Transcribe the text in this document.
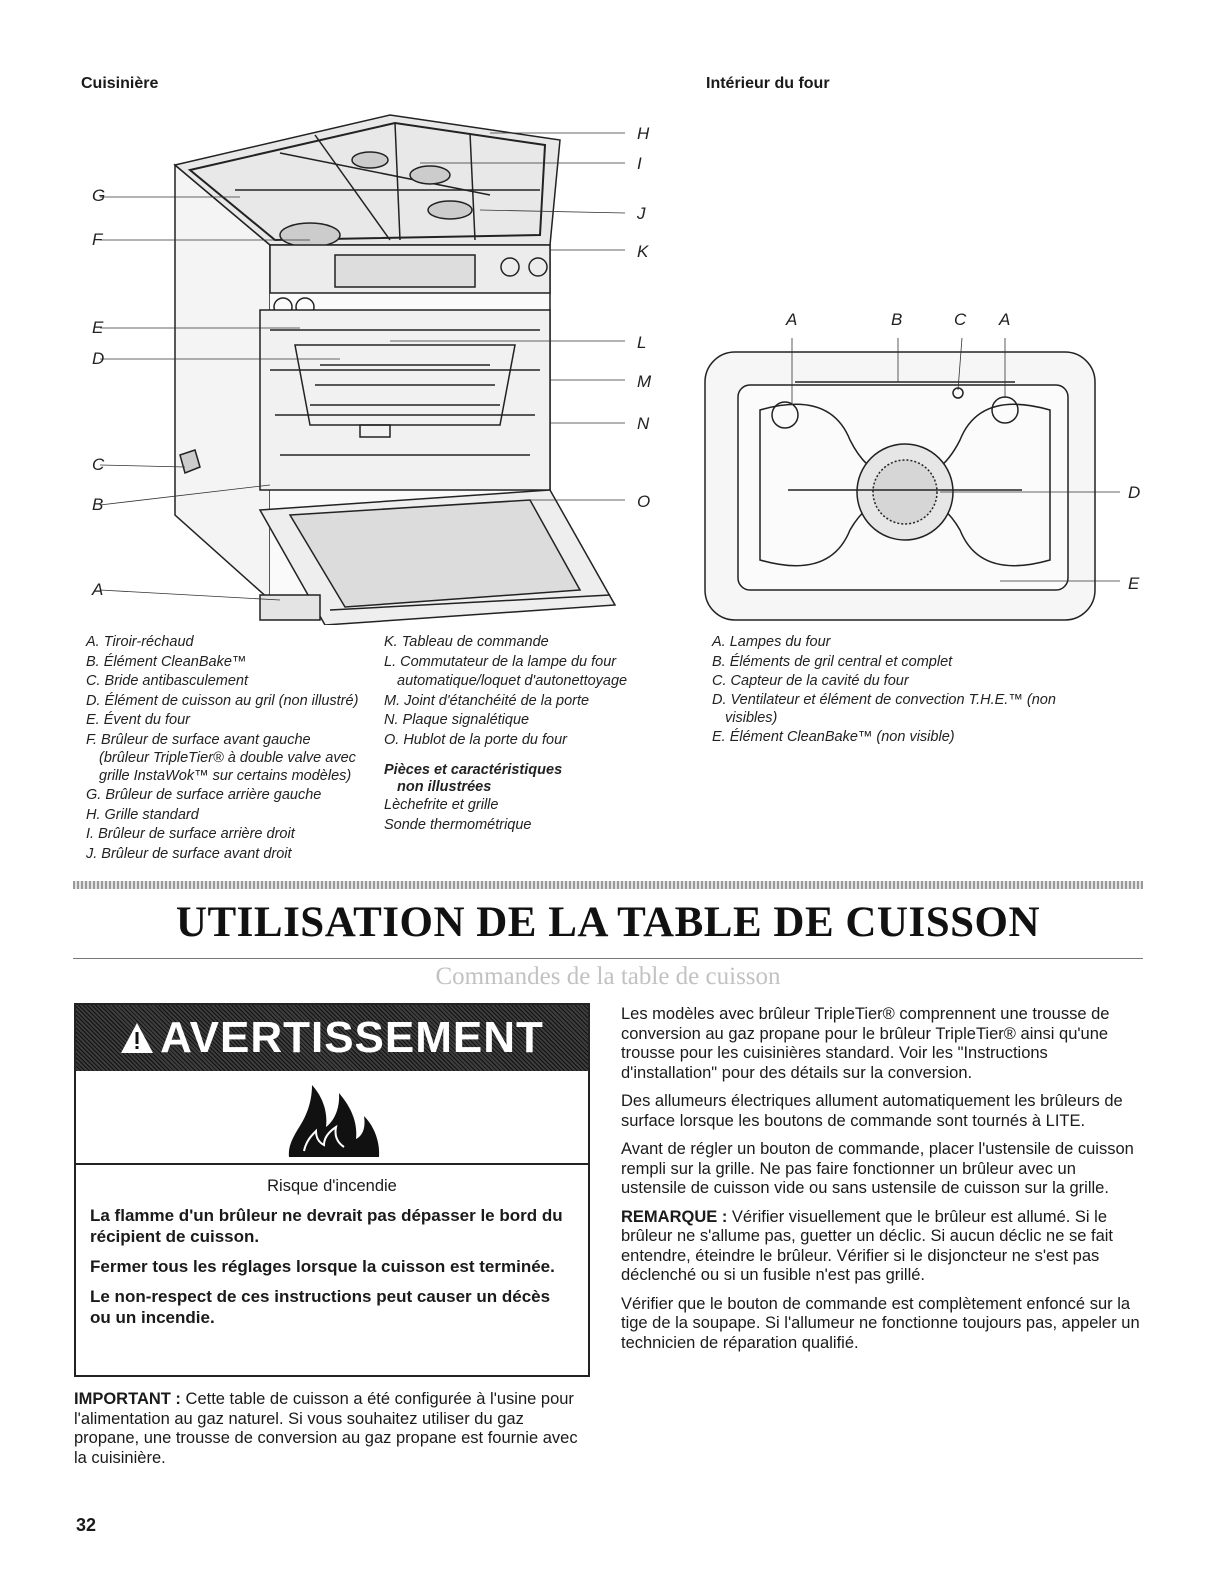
Cuisinière	Intérieur du four
G
F
E
D
C
B
A
H
I
J
K
L
M
N
O
A	B	C A
D
E
A. Tiroir-réchaud
B. Élément CleanBake™
C. Bride antibasculement
D. Élément de cuisson au gril (non illustré)
E. Évent du four
F. Brûleur de surface avant gauche
(brûleur TripleTier® à double valve avec
grille InstaWok™ sur certains modèles)
G. Brûleur de surface arrière gauche
H. Grille standard
I. Brûleur de surface arrière droit
J. Brûleur de surface avant droit
K. Tableau de commande
L. Commutateur de la lampe du four
automatique/loquet d'autonettoyage
M. Joint d'étanchéité de la porte
N. Plaque signalétique
O. Hublot de la porte du four
Pièces et caractéristiques
non illustrées
Lèchefrite et grille
Sonde thermométrique
A. Lampes du four
B. Éléments de gril central et complet
C. Capteur de la cavité du four
D. Ventilateur et élément de convection T.H.E.™ (non
visibles)
E. Élément CleanBake™ (non visible)
UTILISATION DE LA TABLE DE CUISSON
Commandes de la table de cuisson
AVERTISSEMENT
Risque d'incendie
La flamme d'un brûleur ne devrait pas dépasser le bord du récipient de cuisson.
Fermer tous les réglages lorsque la cuisson est terminée.
Le non-respect de ces instructions peut causer un décès ou un incendie.
IMPORTANT : Cette table de cuisson a été configurée à l'usine pour l'alimentation au gaz naturel. Si vous souhaitez utiliser du gaz propane, une trousse de conversion au gaz propane est fournie avec la cuisinière.

Les modèles avec brûleur TripleTier® comprennent une trousse de conversion au gaz propane pour le brûleur TripleTier® ainsi qu'une trousse pour les cuisinières standard. Voir les "Instructions d'installation" pour des détails sur la conversion.

Des allumeurs électriques allument automatiquement les brûleurs de surface lorsque les boutons de commande sont tournés à LITE.

Avant de régler un bouton de commande, placer l'ustensile de cuisson rempli sur la grille. Ne pas faire fonctionner un brûleur avec un ustensile de cuisson vide ou sans ustensile de cuisson sur la grille.

REMARQUE : Vérifier visuellement que le brûleur est allumé. Si le brûleur ne s'allume pas, guetter un déclic. Si aucun déclic ne se fait entendre, éteindre le brûleur. Vérifier si le disjoncteur ne s'est pas déclenché ou si un fusible n'est pas grillé.

Vérifier que le bouton de commande est complètement enfoncé sur la tige de la soupape. Si l'allumeur ne fonctionne toujours pas, appeler un technicien de réparation qualifié.

32
